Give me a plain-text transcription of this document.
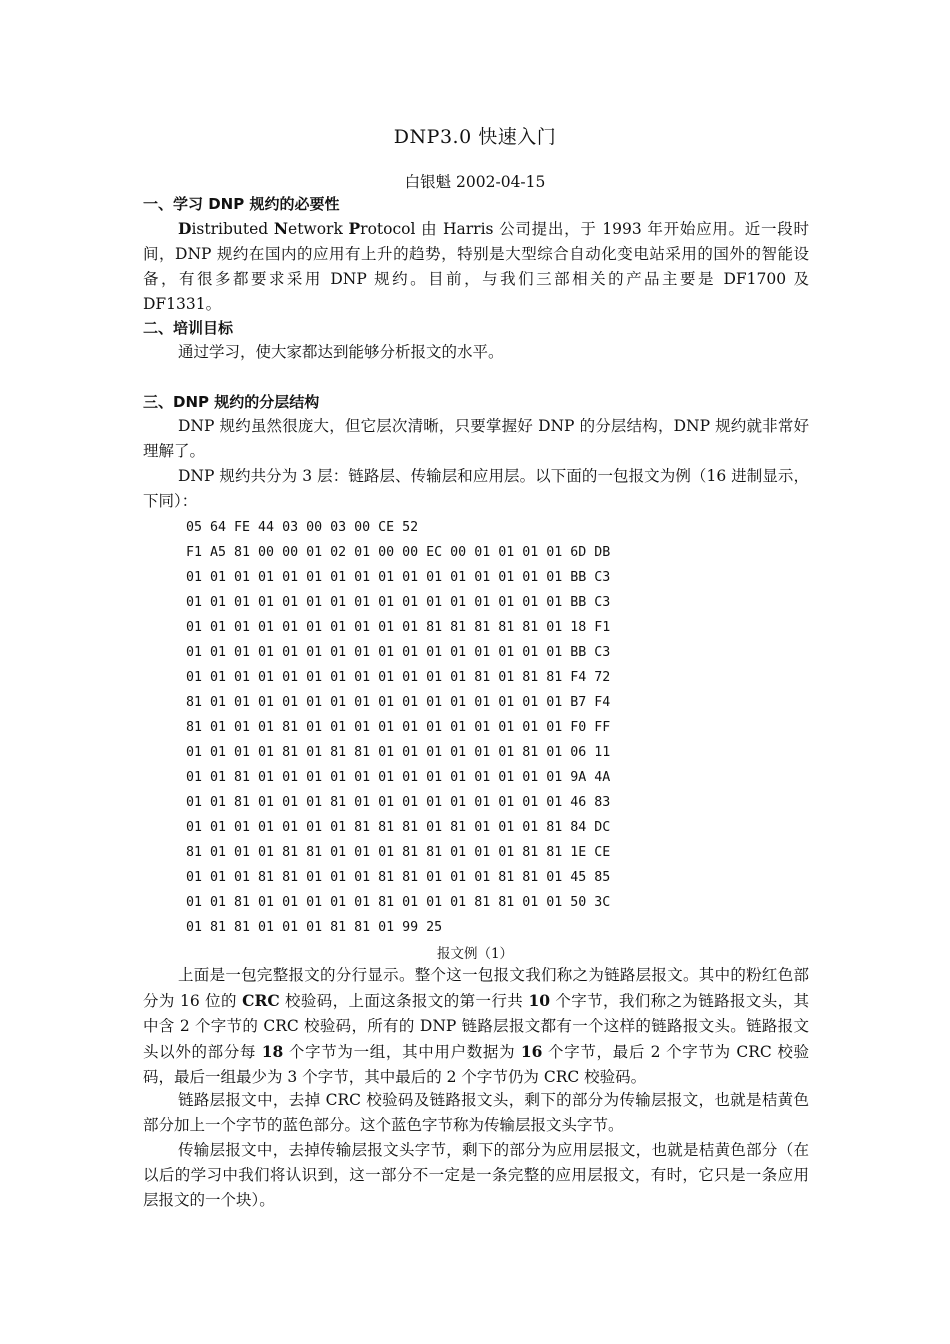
DNP3.0 快速入门
白银魁 2002-04-15
一、学习 DNP 规约的必要性

Distributed Network Protocol 由 Harris 公司提出，于 1993 年开始应用。近一段时间，DNP 规约在国内的应用有上升的趋势，特别是大型综合自动化变电站采用的国外的智能设备，有很多都要求采用 DNP 规约。目前，与我们三部相关的产品主要是 DF1700 及 DF1331。

二、培训目标

通过学习，使大家都达到能够分析报文的水平。

三、DNP 规约的分层结构

DNP 规约虽然很庞大，但它层次清晰，只要掌握好 DNP 的分层结构，DNP 规约就非常好理解了。

DNP 规约共分为 3 层：链路层、传输层和应用层。以下面的一包报文为例（16 进制显示，下同）：

05 64 FE 44 03 00 03 00 CE 52
F1 A5 81 00 00 01 02 01 00 00 EC 00 01 01 01 01 6D DB
01 01 01 01 01 01 01 01 01 01 01 01 01 01 01 01 BB C3
01 01 01 01 01 01 01 01 01 01 01 01 01 01 01 01 BB C3
01 01 01 01 01 01 01 01 01 01 81 81 81 81 81 01 18 F1
01 01 01 01 01 01 01 01 01 01 01 01 01 01 01 01 BB C3
01 01 01 01 01 01 01 01 01 01 01 01 81 01 81 81 F4 72
81 01 01 01 01 01 01 01 01 01 01 01 01 01 01 01 B7 F4
81 01 01 01 81 01 01 01 01 01 01 01 01 01 01 01 F0 FF
01 01 01 01 81 01 81 81 01 01 01 01 01 01 81 01 06 11
01 01 81 01 01 01 01 01 01 01 01 01 01 01 01 01 9A 4A
01 01 81 01 01 01 81 01 01 01 01 01 01 01 01 01 46 83
01 01 01 01 01 01 01 81 81 81 01 81 01 01 01 81 84 DC
81 01 01 01 81 81 01 01 01 81 81 01 01 01 81 81 1E CE
01 01 01 81 81 01 01 01 81 81 01 01 01 81 81 01 45 85
01 01 81 01 01 01 01 01 81 01 01 01 81 81 01 01 50 3C
01 81 81 01 01 01 81 81 01 99 25
报文例（1）

上面是一包完整报文的分行显示。整个这一包报文我们称之为链路层报文。其中的粉红色部分为 16 位的 CRC 校验码，上面这条报文的第一行共 10 个字节，我们称之为链路报文头，其中含 2 个字节的 CRC 校验码，所有的 DNP 链路层报文都有一个这样的链路报文头。链路报文头以外的部分每 18 个字节为一组，其中用户数据为 16 个字节，最后 2 个字节为 CRC 校验码，最后一组最少为 3 个字节，其中最后的 2 个字节仍为 CRC 校验码。

链路层报文中，去掉 CRC 校验码及链路报文头，剩下的部分为传输层报文，也就是桔黄色部分加上一个字节的蓝色部分。这个蓝色字节称为传输层报文头字节。

传输层报文中，去掉传输层报文头字节，剩下的部分为应用层报文，也就是桔黄色部分（在以后的学习中我们将认识到，这一部分不一定是一条完整的应用层报文，有时，它只是一条应用层报文的一个块）。
